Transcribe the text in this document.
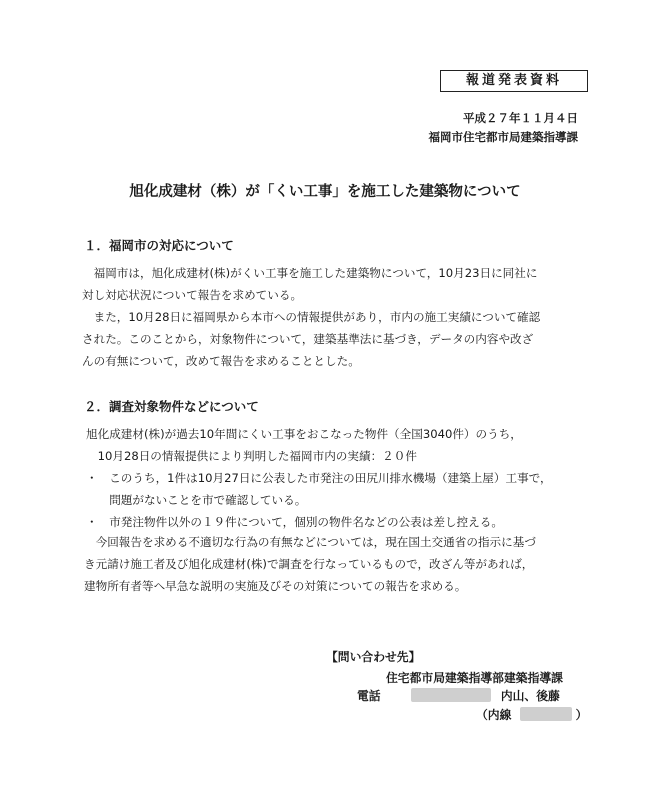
報道発表資料
平成２７年１１月４日
福岡市住宅都市局建築指導課
旭化成建材（株）が「くい工事」を施工した建築物について
１．福岡市の対応について
　福岡市は，旭化成建材(株)がくい工事を施工した建築物について，10月23日に同社に
対し対応状況について報告を求めている。
　また，10月28日に福岡県から本市への情報提供があり，市内の施工実績について確認
された。このことから，対象物件について，建築基準法に基づき，データの内容や改ざ
んの有無について，改めて報告を求めることとした。
２．調査対象物件などについて
旭化成建材(株)が過去10年間にくい工事をおこなった物件（全国3040件）のうち，
　10月28日の情報提供により判明した福岡市内の実績：２０件
・　このうち，1件は10月27日に公表した市発注の田尻川排水機場（建築上屋）工事で，
　　問題がないことを市で確認している。
・　市発注物件以外の１９件について，個別の物件名などの公表は差し控える。
　今回報告を求める不適切な行為の有無などについては，現在国土交通省の指示に基づ
き元請け施工者及び旭化成建材(株)で調査を行なっているもので，改ざん等があれば，
建物所有者等へ早急な説明の実施及びその対策についての報告を求める。
【問い合わせ先】
住宅都市局建築指導部建築指導課
電話	内山、後藤
（内線	）
